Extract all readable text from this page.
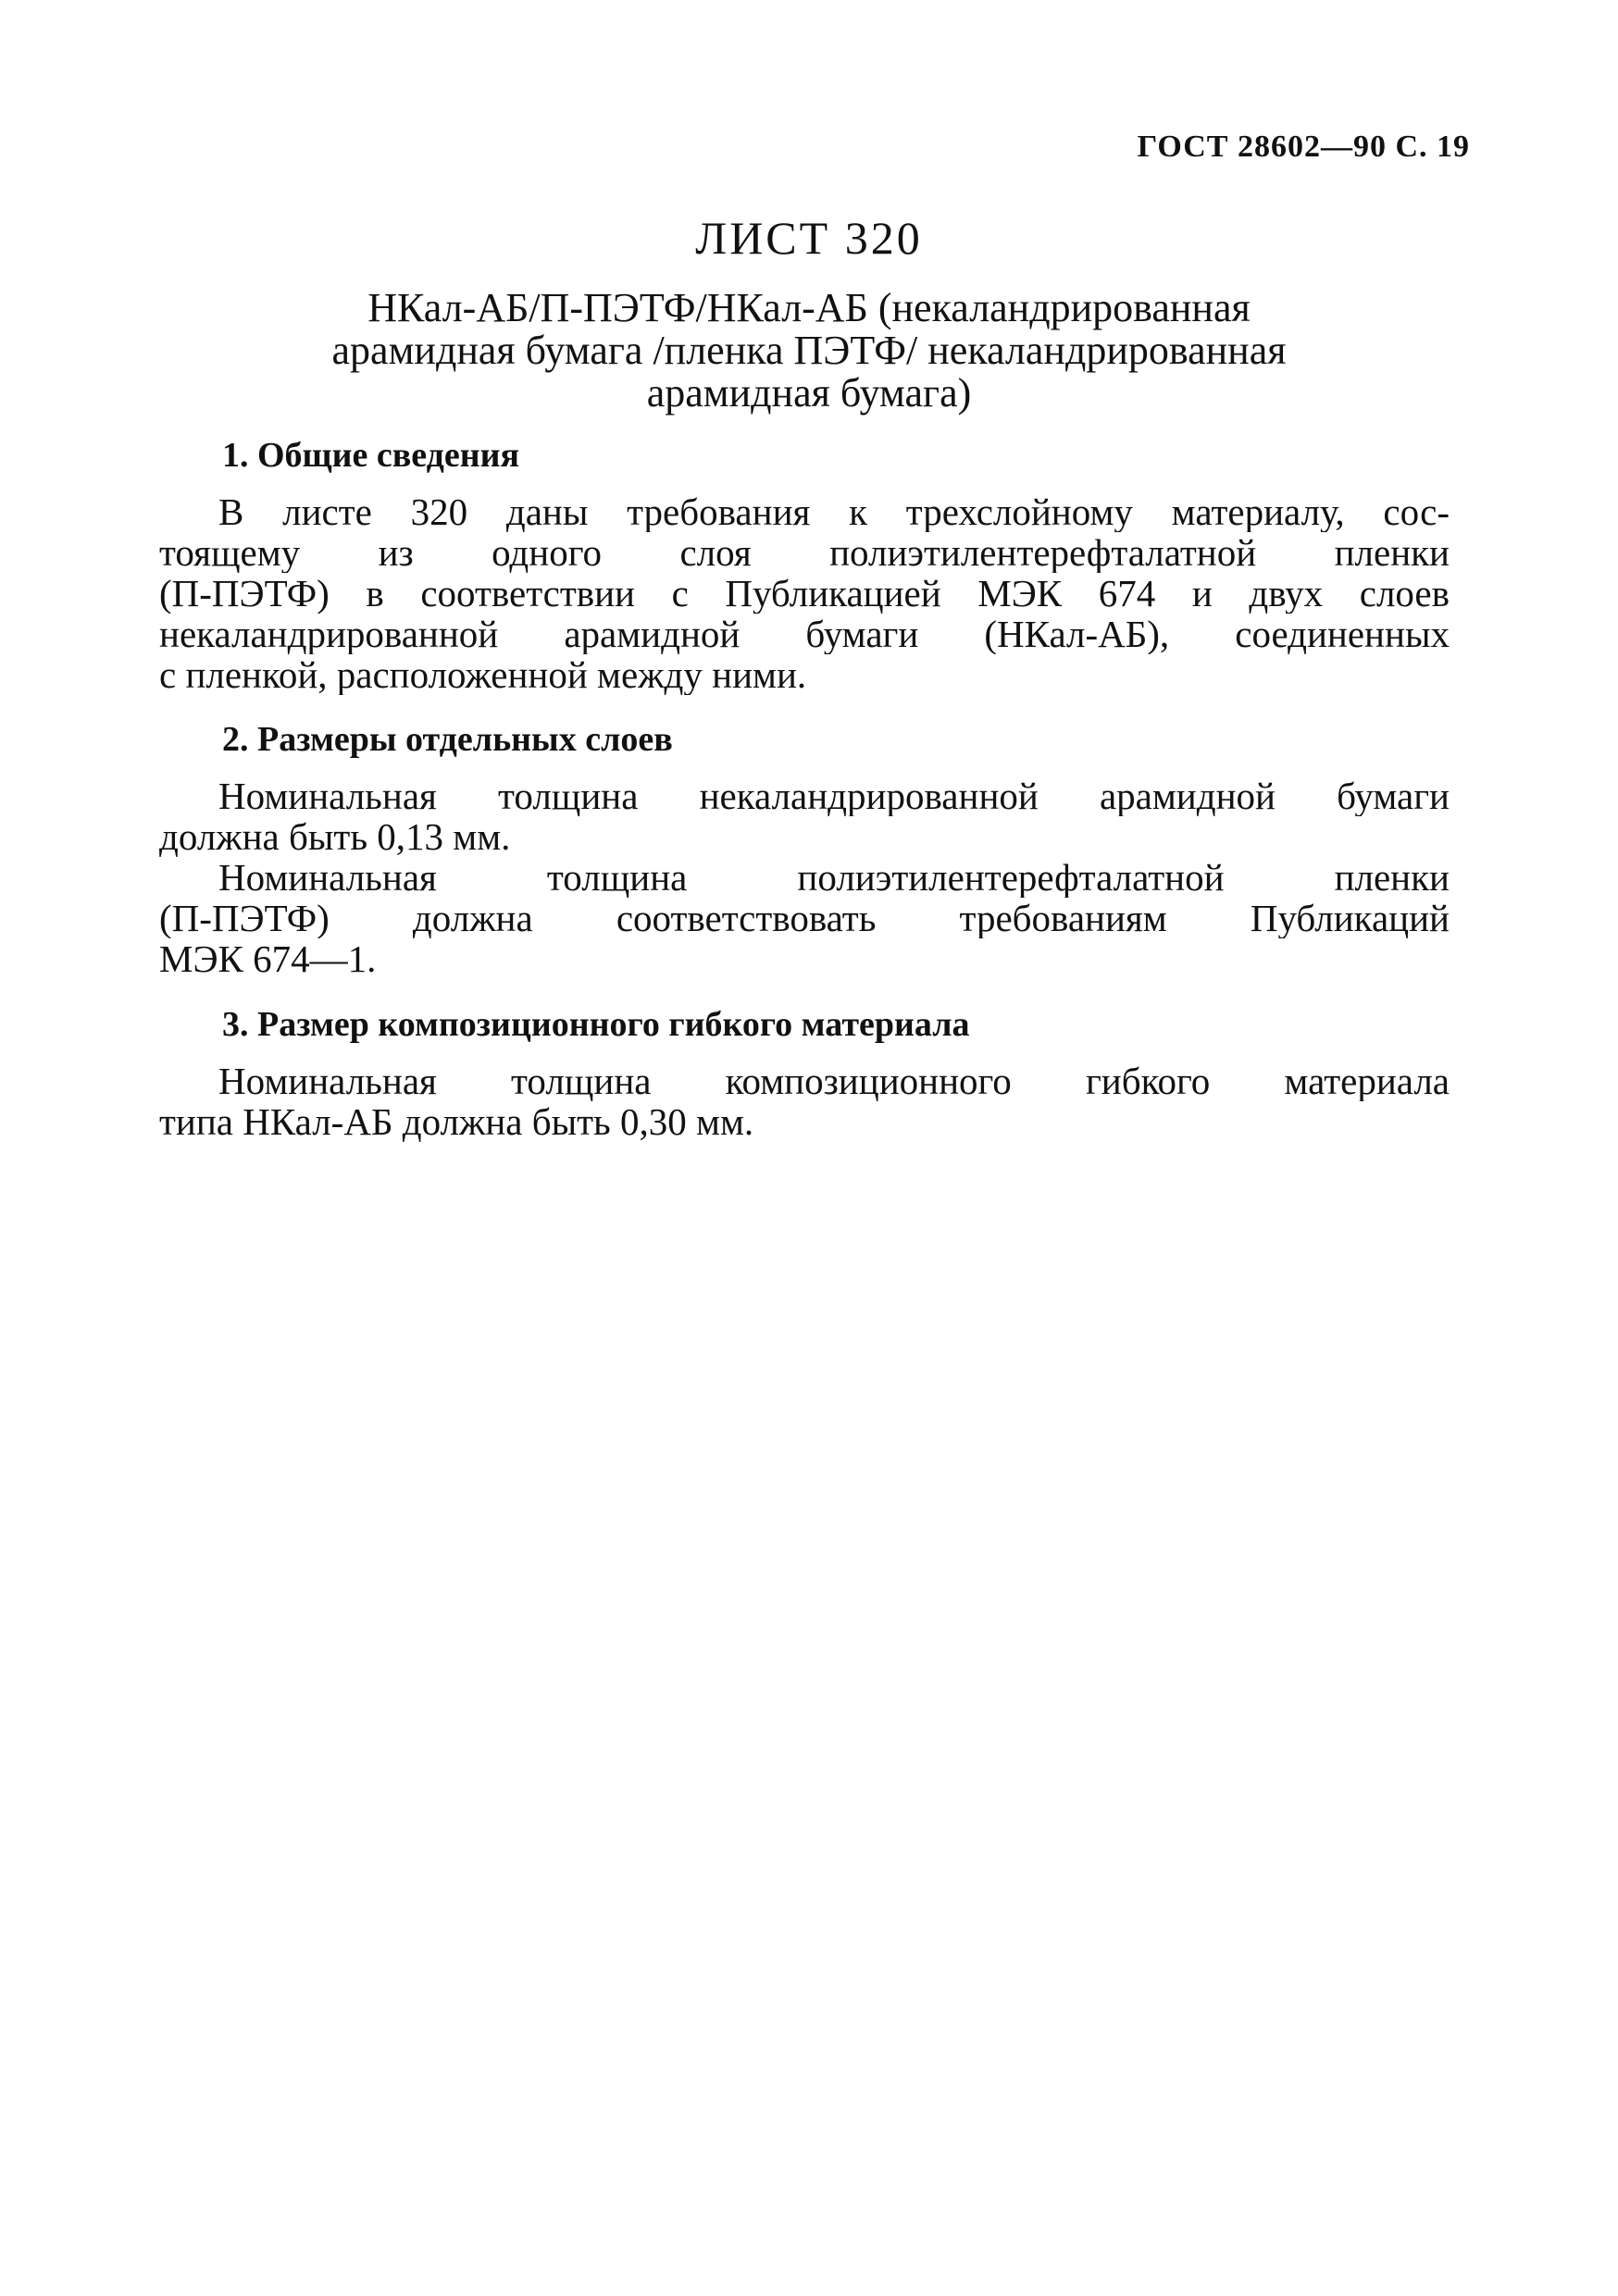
ГОСТ 28602—90 С. 19
ЛИСТ 320
НКал-АБ/П-ПЭТФ/НКал-АБ (некаландрированная
арамидная бумага /пленка ПЭТФ/ некаландрированная
арамидная бумага)
1. Общие сведения
В листе 320 даны требования к трехслойному материалу, сос-
тоящему из одного слоя полиэтилентерефталатной пленки
(П-ПЭТФ) в соответствии с Публикацией МЭК 674 и двух слоев
некаландрированной арамидной бумаги (НКал-АБ), соединенных
с пленкой, расположенной между ними.
2. Размеры отдельных слоев
Номинальная толщина некаландрированной арамидной бумаги
должна быть 0,13 мм.
Номинальная толщина полиэтилентерефталатной пленки
(П-ПЭТФ) должна соответствовать требованиям Публикаций
МЭК 674—1.
3. Размер композиционного гибкого материала
Номинальная толщина композиционного гибкого материала
типа НКал-АБ должна быть 0,30 мм.
